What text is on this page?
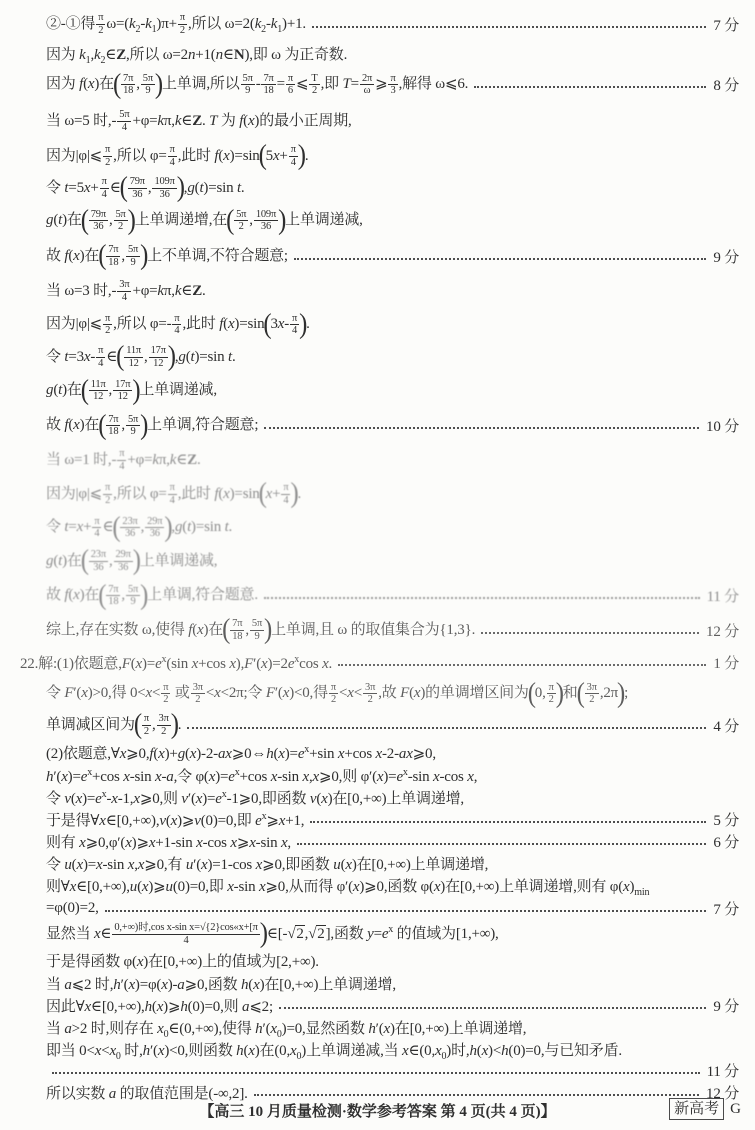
②-①得 $\frac{\pi}{2} \omega=(k_2-k_1)\pi+ \frac{\pi}{2}$ ,所以 $\omega=2(k_2-k_1)+1$.	7 分
因为 $k_1,k_2\in Z$,所以 ω=2n+1(n∈N),即 ω 为正奇数.
因为 f(x)在( $\frac{7\pi}{18}$ , $\frac{5\pi}{9}$ )上单调,所以 $\frac{5\pi}{9} - \frac{7\pi}{18} = \frac{\pi}{6}$ ⩽ $\frac{T}{2}$ ,即 $T= \frac{2\pi}{\omega}$ ⩾ $\frac{\pi}{3}$ ,解得 ω⩽6.	8 分
当 ω=5 时,- $\frac{5\pi}{4}$ +φ=kπ,k∈Z. T 为 f(x)的最小正周期,
因为|φ|⩽ $\frac{\pi}{2}$ ,所以 $\varphi= \frac{\pi}{4}$ ,此时 $f(x)=\sin(5x+ \frac{\pi}{4}$ ).
令 $t=5x+ \frac{\pi}{4}$ ∈( $\frac{79\pi}{36}$ , $\frac{109\pi}{36} ),g(t)=\sin$ t.
g(t)在( $\frac{79\pi}{36}$ , $\frac{5\pi}{2}$ )上单调递增,在( $\frac{5\pi}{2}$ , $\frac{109\pi}{36}$ )上单调递减,
故 f(x)在( $\frac{7\pi}{18}$ , $\frac{5\pi}{9}$ )上不单调,不符合题意;	9 分
当 ω=3 时,- $\frac{3\pi}{4}$ +φ=kπ,k∈Z.
因为|φ|⩽ $\frac{\pi}{2}$ ,所以 $\varphi=- \frac{\pi}{4}$ ,此时 $f(x)=\sin(3x- \frac{\pi}{4}$ ).
令 $t=3x- \frac{\pi}{4}$ ∈( $\frac{11\pi}{12}$ , $\frac{17\pi}{12} ),g(t)=\sin$ t.
g(t)在( $\frac{11\pi}{12}$ , $\frac{17\pi}{12}$ )上单调递减,
故 f(x)在( $\frac{7\pi}{18}$ , $\frac{5\pi}{9}$ )上单调,符合题意;	10 分
当 ω=1 时,- $\frac{\pi}{4}$ +φ=kπ,k∈Z.
因为|φ|⩽ $\frac{\pi}{2}$ ,所以 $\varphi= \frac{\pi}{4}$ ,此时 $f(x)=\sin(x+ \frac{\pi}{4}$ ).
令 $t=x+ \frac{\pi}{4}$ ∈( $\frac{23\pi}{36}$ , $\frac{29\pi}{36} ),g(t)=\sin$ t.
g(t)在( $\frac{23\pi}{36}$ , $\frac{29\pi}{36}$ )上单调递减,
故 f(x)在( $\frac{7\pi}{18}$ , $\frac{5\pi}{9}$ )上单调,符合题意.	11 分
综上,存在实数 ω,使得 f(x)在( $\frac{7\pi}{18}$ , $\frac{5\pi}{9}$ )上单调,且 ω 的取值集合为{1,3}.	12 分
22.解:(1)依题意$,F(x)=e^x(\sin$ x+cos $x),F'(x)=2e^x\cos$ x.	1 分
令 F′(x)>0,得 $0<x< \frac{\pi}{2}$ 或 $\frac{3\pi}{2} <x<2\pi$;令 F′(x)<0,得 $\frac{\pi}{2} <x< \frac{3\pi}{2}$ ,故 F(x)的单调增区间为(0, $\frac{\pi}{2}$ )和( $\frac{3\pi}{2} ,2\pi$);
单调减区间为( $\frac{\pi}{2}$ , $\frac{3\pi}{2}$ ).	4 分
(2)依题意$,\forall x⩾0,f(x)+g(x)-2-ax⩾0\Leftrightarrow h(x)=e^x+\sin$ x+cos x-2-ax⩾0,
$h'(x)=e^x+\cos$ x-sin x-a,令 $\varphi(x)=e^x+\cos$ x-sin x,x⩾0,则 $\varphi'(x)=e^x-\sin$ x-cos x,
令 $v(x)=e^x-x-1,x⩾0$,则 $v'(x)=e^x-1⩾0$,即函数 v(x)在[0,+∞)上单调递增,
于是得∀x∈[0,+∞),v(x)⩾v(0)=0,即 $e^x⩾x+1$,	5 分
则有 x⩾0,φ′(x)⩾x+1-sin x-cos x⩾x-sin x,	6 分
令 u(x)=x-sin x,x⩾0,有 u′(x)=1-cos x⩾0,即函数 u(x)在[0,+∞)上单调递增,
则∀x∈[0,+∞),u(x)⩾u(0)=0,即 x-sin x⩾0,从而得 φ′(x)⩾0,函数 φ(x)在[0,+∞)上单调递增,则有 $\varphi(x)_{min}$
=φ(0)=2,	7 分
显然当 x∈ 0,+∞)时,cos x-sin x=√{2}cos«x+[π
4	)∈[-√2,√2],函数 $y=e^x$ 的值域为[1,+∞),
于是得函数 φ(x)在[0,+∞)上的值域为[2,+∞).
当 a⩽2 时,h′(x)=φ(x)-a⩾0,函数 h(x)在[0,+∞)上单调递增,
因此∀x∈[0,+∞),h(x)⩾h(0)=0,则 a⩽2;	9 分
当 a>2 时,则存在 $x_0\in(0,+\infty)$,使得 $h'(x_0)=0$,显然函数 h′(x)在[0,+∞)上单调递增,
即当 $0<x<x_0$ 时,h′(x)<0,则函数 h(x)在$(0,x_0)$上单调递减,当 $x\in(0,x_0)$时,h(x)<h(0)=0,与已知矛盾.
11 分
所以实数 a 的取值范围是(-∞,2].	12 分
【高三 10 月质量检测·数学参考答案 第 4 页(共 4 页)】	新高考 G
